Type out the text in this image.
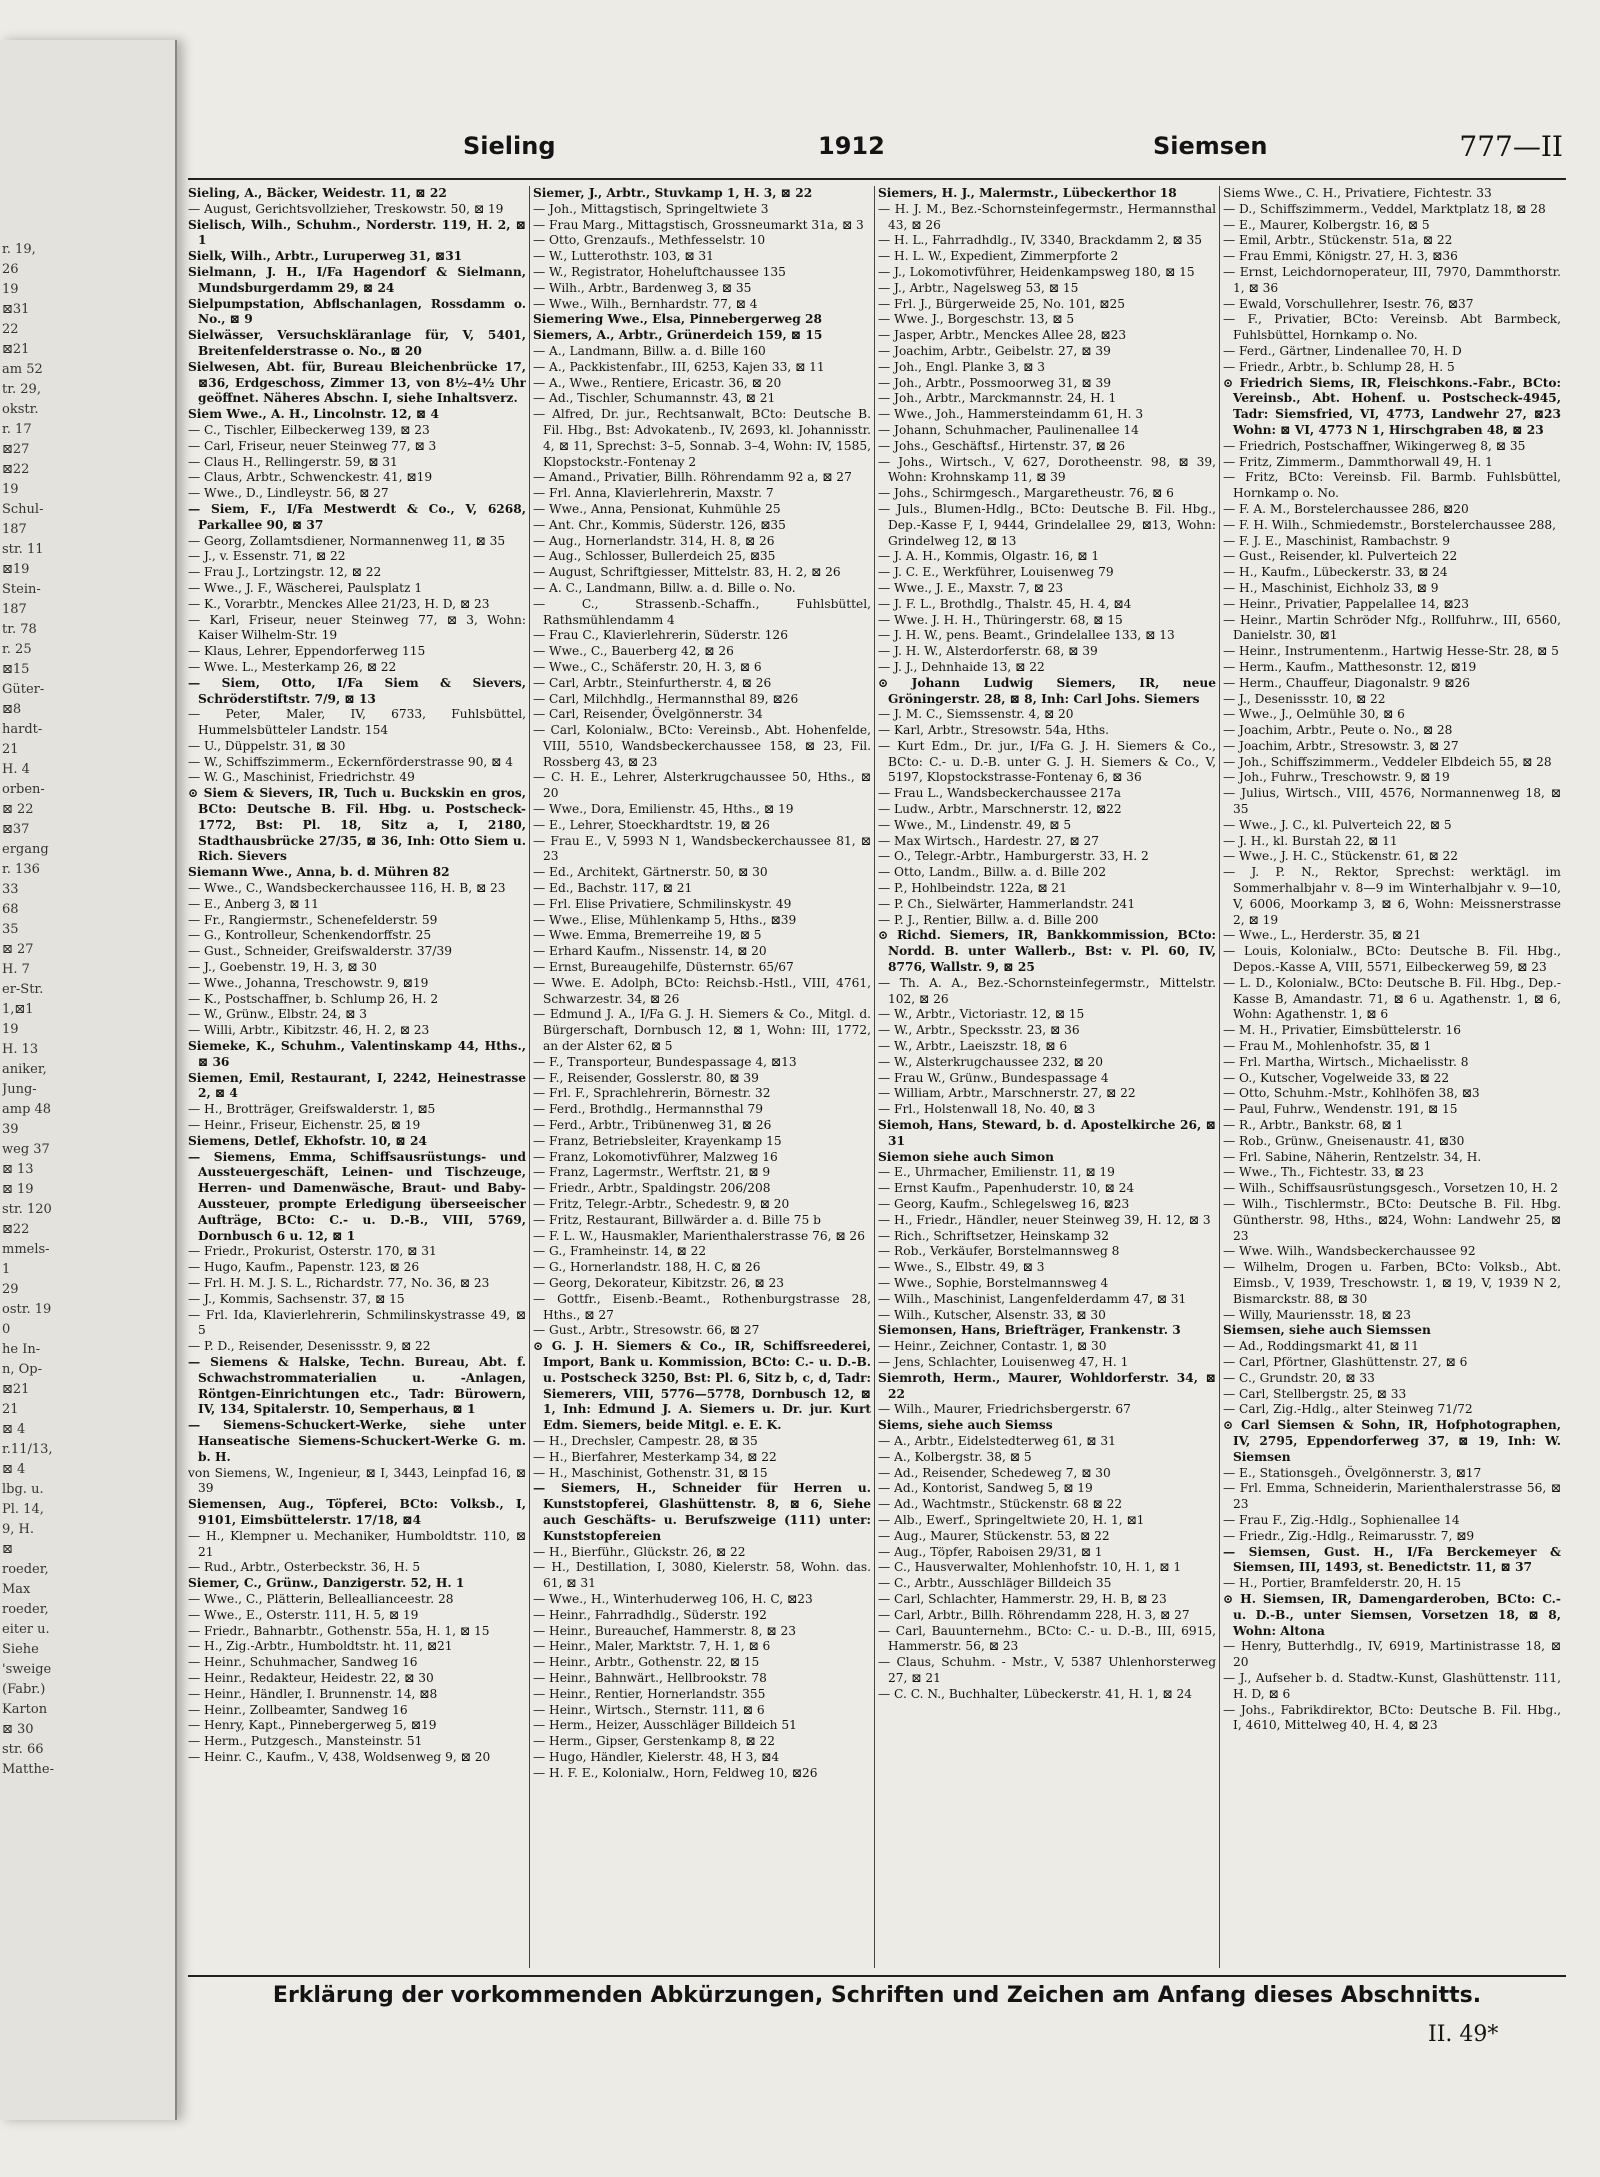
r. 19,
26
19
⊠31
22
⊠21
am 52
tr. 29,
okstr.
r. 17
⊠27
⊠22
19
Schul-
187
str. 11
⊠19
Stein-
187
tr. 78
r. 25
⊠15
Güter-
⊠8
hardt-
21
H. 4
orben-
⊠ 22
⊠37
ergang
r. 136
33
68
35
⊠ 27
H. 7
er-Str.
1,⊠1
19
H. 13
aniker,
Jung-
amp 48
39
weg 37
⊠ 13
⊠ 19
str. 120
⊠22
mmels-
1
29
ostr. 19
0
he In-
n, Op-
⊠21
21
⊠ 4
r.11/13,
⊠ 4
lbg. u.
Pl. 14,
9, H.
⊠
roeder,
Max
roeder,
eiter u.
Siehe
'sweige
(Fabr.)
Karton
⊠ 30
str. 66
Matthe-
Sieling	1912	Siemsen	777—II

Sieling, A., Bäcker, Weidestr. 11, ⊠ 22

— August, Gerichtsvollzieher, Treskowstr. 50, ⊠ 19

Sielisch, Wilh., Schuhm., Norderstr. 119, H. 2, ⊠ 1

Sielk, Wilh., Arbtr., Luruperweg 31, ⊠31

Sielmann, J. H., I/Fa Hagendorf & Sielmann, Mundsburgerdamm 29, ⊠ 24

Sielpumpstation, Abflschanlagen, Rossdamm o. No., ⊠ 9

Sielwässer, Versuchskläranlage für, V, 5401, Breitenfelderstrasse o. No., ⊠ 20

Sielwesen, Abt. für, Bureau Bleichenbrücke 17, ⊠36, Erdgeschoss, Zimmer 13, von 8½–4½ Uhr geöffnet. Näheres Abschn. I, siehe Inhaltsverz.

Siem Wwe., A. H., Lincolnstr. 12, ⊠ 4

— C., Tischler, Eilbeckerweg 139, ⊠ 23

— Carl, Friseur, neuer Steinweg 77, ⊠ 3

— Claus H., Rellingerstr. 59, ⊠ 31

— Claus, Arbtr., Schwenckestr. 41, ⊠19

— Wwe., D., Lindleystr. 56, ⊠ 27

— Siem, F., I/Fa Mestwerdt & Co., V, 6268, Parkallee 90, ⊠ 37

— Georg, Zollamtsdiener, Normannenweg 11, ⊠ 35

— J., v. Essenstr. 71, ⊠ 22

— Frau J., Lortzingstr. 12, ⊠ 22

— Wwe., J. F., Wäscherei, Paulsplatz 1

— K., Vorarbtr., Menckes Allee 21/23, H. D, ⊠ 23

— Karl, Friseur, neuer Steinweg 77, ⊠ 3, Wohn: Kaiser Wilhelm-Str. 19

— Klaus, Lehrer, Eppendorferweg 115

— Wwe. L., Mesterkamp 26, ⊠ 22

— Siem, Otto, I/Fa Siem & Sievers, Schröderstiftstr. 7/9, ⊠ 13

— Peter, Maler, IV, 6733, Fuhlsbüttel, Hummelsbütteler Landstr. 154

— U., Düppelstr. 31, ⊠ 30

— W., Schiffszimmerm., Eckernförderstrasse 90, ⊠ 4

— W. G., Maschinist, Friedrichstr. 49

⊙ Siem & Sievers, IR, Tuch u. Buckskin en gros, BCto: Deutsche B. Fil. Hbg. u. Postscheck- 1772, Bst: Pl. 18, Sitz a, I, 2180, Stadthausbrücke 27/35, ⊠ 36, Inh: Otto Siem u. Rich. Sievers

Siemann Wwe., Anna, b. d. Mühren 82

— Wwe., C., Wandsbeckerchaussee 116, H. B, ⊠ 23

— E., Anberg 3, ⊠ 11

— Fr., Rangiermstr., Schenefelderstr. 59

— G., Kontrolleur, Schenkendorffstr. 25

— Gust., Schneider, Greifswalderstr. 37/39

— J., Goebenstr. 19, H. 3, ⊠ 30

— Wwe., Johanna, Treschowstr. 9, ⊠19

— K., Postschaffner, b. Schlump 26, H. 2

— W., Grünw., Elbstr. 24, ⊠ 3

— Willi, Arbtr., Kibitzstr. 46, H. 2, ⊠ 23

Siemeke, K., Schuhm., Valentinskamp 44, Hths., ⊠ 36

Siemen, Emil, Restaurant, I, 2242, Heinestrasse 2, ⊠ 4

— H., Brotträger, Greifswalderstr. 1, ⊠5

— Heinr., Friseur, Eichenstr. 25, ⊠ 19

Siemens, Detlef, Ekhofstr. 10, ⊠ 24

— Siemens, Emma, Schiffsausrüstungs- und Aussteuergeschäft, Leinen- und Tischzeuge, Herren- und Damenwäsche, Braut- und Baby-Aussteuer, prompte Erledigung überseeischer Aufträge, BCto: C.- u. D.-B., VIII, 5769, Dornbusch 6 u. 12, ⊠ 1

— Friedr., Prokurist, Osterstr. 170, ⊠ 31

— Hugo, Kaufm., Papenstr. 123, ⊠ 26

— Frl. H. M. J. S. L., Richardstr. 77, No. 36, ⊠ 23

— J., Kommis, Sachsenstr. 37, ⊠ 15

— Frl. Ida, Klavierlehrerin, Schmilinskystrasse 49, ⊠ 5

— P. D., Reisender, Desenissstr. 9, ⊠ 22

— Siemens & Halske, Techn. Bureau, Abt. f. Schwachstrommaterialien u. -Anlagen, Röntgen-Einrichtungen etc., Tadr: Bürowern, IV, 134, Spitalerstr. 10, Semperhaus, ⊠ 1

— Siemens-Schuckert-Werke, siehe unter Hanseatische Siemens-Schuckert-Werke G. m. b. H.

von Siemens, W., Ingenieur, ⊠ I, 3443, Leinpfad 16, ⊠ 39

Siemensen, Aug., Töpferei, BCto: Volksb., I, 9101, Eimsbüttelerstr. 17/18, ⊠4

— H., Klempner u. Mechaniker, Humboldtstr. 110, ⊠ 21

— Rud., Arbtr., Osterbeckstr. 36, H. 5

Siemer, C., Grünw., Danzigerstr. 52, H. 1

— Wwe., C., Plätterin, Belleallianceestr. 28

— Wwe., E., Osterstr. 111, H. 5, ⊠ 19

— Friedr., Bahnarbtr., Gothenstr. 55a, H. 1, ⊠ 15

— H., Zig.-Arbtr., Humboldtstr. ht. 11, ⊠21

— Heinr., Schuhmacher, Sandweg 16

— Heinr., Redakteur, Heidestr. 22, ⊠ 30

— Heinr., Händler, I. Brunnenstr. 14, ⊠8

— Heinr., Zollbeamter, Sandweg 16

— Henry, Kapt., Pinnebergerweg 5, ⊠19

— Herm., Putzgesch., Mansteinstr. 51

— Heinr. C., Kaufm., V, 438, Woldsenweg 9, ⊠ 20

Siemer, J., Arbtr., Stuvkamp 1, H. 3, ⊠ 22

— Joh., Mittagstisch, Springeltwiete 3

— Frau Marg., Mittagstisch, Grossneumarkt 31a, ⊠ 3

— Otto, Grenzaufs., Methfesselstr. 10

— W., Lutterothstr. 103, ⊠ 31

— W., Registrator, Hoheluftchaussee 135

— Wilh., Arbtr., Bardenweg 3, ⊠ 35

— Wwe., Wilh., Bernhardstr. 77, ⊠ 4

Siemering Wwe., Elsa, Pinnebergerweg 28

Siemers, A., Arbtr., Grünerdeich 159, ⊠ 15

— A., Landmann, Billw. a. d. Bille 160

— A., Packkistenfabr., III, 6253, Kajen 33, ⊠ 11

— A., Wwe., Rentiere, Ericastr. 36, ⊠ 20

— Ad., Tischler, Schumannstr. 43, ⊠ 21

— Alfred, Dr. jur., Rechtsanwalt, BCto: Deutsche B. Fil. Hbg., Bst: Advokatenb., IV, 2693, kl. Johannisstr. 4, ⊠ 11, Sprechst: 3–5, Sonnab. 3–4, Wohn: IV, 1585, Klopstockstr.-Fontenay 2

— Amand., Privatier, Billh. Röhrendamm 92 a, ⊠ 27

— Frl. Anna, Klavierlehrerin, Maxstr. 7

— Wwe., Anna, Pensionat, Kuhmühle 25

— Ant. Chr., Kommis, Süderstr. 126, ⊠35

— Aug., Hornerlandstr. 314, H. 8, ⊠ 26

— Aug., Schlosser, Bullerdeich 25, ⊠35

— August, Schriftgiesser, Mittelstr. 83, H. 2, ⊠ 26

— A. C., Landmann, Billw. a. d. Bille o. No.

— C., Strassenb.-Schaffn., Fuhlsbüttel, Rathsmühlendamm 4

— Frau C., Klavierlehrerin, Süderstr. 126

— Wwe., C., Bauerberg 42, ⊠ 26

— Wwe., C., Schäferstr. 20, H. 3, ⊠ 6

— Carl, Arbtr., Steinfurtherstr. 4, ⊠ 26

— Carl, Milchhdlg., Hermannsthal 89, ⊠26

— Carl, Reisender, Övelgönnerstr. 34

— Carl, Kolonialw., BCto: Vereinsb., Abt. Hohenfelde, VIII, 5510, Wandsbeckerchaussee 158, ⊠ 23, Fil. Rossberg 43, ⊠ 23

— C. H. E., Lehrer, Alsterkrugchaussee 50, Hths., ⊠ 20

— Wwe., Dora, Emilienstr. 45, Hths., ⊠ 19

— E., Lehrer, Stoeckhardtstr. 19, ⊠ 26

— Frau E., V, 5993 N 1, Wandsbeckerchaussee 81, ⊠ 23

— Ed., Architekt, Gärtnerstr. 50, ⊠ 30

— Ed., Bachstr. 117, ⊠ 21

— Frl. Elise Privatiere, Schmilinskystr. 49

— Wwe., Elise, Mühlenkamp 5, Hths., ⊠39

— Wwe. Emma, Bremerreihe 19, ⊠ 5

— Erhard Kaufm., Nissenstr. 14, ⊠ 20

— Ernst, Bureaugehilfe, Düsternstr. 65/67

— Wwe. E. Adolph, BCto: Reichsb.-Hstl., VIII, 4761, Schwarzestr. 34, ⊠ 26

— Edmund J. A., I/Fa G. J. H. Siemers & Co., Mitgl. d. Bürgerschaft, Dornbusch 12, ⊠ 1, Wohn: III, 1772, an der Alster 62, ⊠ 5

— F., Transporteur, Bundespassage 4, ⊠13

— F., Reisender, Gosslerstr. 80, ⊠ 39

— Frl. F., Sprachlehrerin, Börnestr. 32

— Ferd., Brothdlg., Hermannsthal 79

— Ferd., Arbtr., Tribünenweg 31, ⊠ 26

— Franz, Betriebsleiter, Krayenkamp 15

— Franz, Lokomotivführer, Malzweg 16

— Franz, Lagermstr., Werftstr. 21, ⊠ 9

— Friedr., Arbtr., Spaldingstr. 206/208

— Fritz, Telegr.-Arbtr., Schedestr. 9, ⊠ 20

— Fritz, Restaurant, Billwärder a. d. Bille 75 b

— F. L. W., Hausmakler, Marienthalerstrasse 76, ⊠ 26

— G., Framheinstr. 14, ⊠ 22

— G., Hornerlandstr. 188, H. C, ⊠ 26

— Georg, Dekorateur, Kibitzstr. 26, ⊠ 23

— Gottfr., Eisenb.-Beamt., Rothenburgstrasse 28, Hths., ⊠ 27

— Gust., Arbtr., Stresowstr. 66, ⊠ 27

⊙ G. J. H. Siemers & Co., IR, Schiffsreederei, Import, Bank u. Kommission, BCto: C.- u. D.-B. u. Postscheck 3250, Bst: Pl. 6, Sitz b, c, d, Tadr: Siemerers, VIII, 5776—5778, Dornbusch 12, ⊠ 1, Inh: Edmund J. A. Siemers u. Dr. jur. Kurt Edm. Siemers, beide Mitgl. e. E. K.

— H., Drechsler, Campestr. 28, ⊠ 35

— H., Bierfahrer, Mesterkamp 34, ⊠ 22

— H., Maschinist, Gothenstr. 31, ⊠ 15

— Siemers, H., Schneider für Herren u. Kunststopferei, Glashüttenstr. 8, ⊠ 6, Siehe auch Geschäfts- u. Berufszweige (111) unter: Kunststopfereien

— H., Bierführ., Glückstr. 26, ⊠ 22

— H., Destillation, I, 3080, Kielerstr. 58, Wohn. das. 61, ⊠ 31

— Wwe., H., Winterhuderweg 106, H. C, ⊠23

— Heinr., Fahrradhdlg., Süderstr. 192

— Heinr., Bureauchef, Hammerstr. 8, ⊠ 23

— Heinr., Maler, Marktstr. 7, H. 1, ⊠ 6

— Heinr., Arbtr., Gothenstr. 22, ⊠ 15

— Heinr., Bahnwärt., Hellbrookstr. 78

— Heinr., Rentier, Hornerlandstr. 355

— Heinr., Wirtsch., Sternstr. 111, ⊠ 6

— Herm., Heizer, Ausschläger Billdeich 51

— Herm., Gipser, Gerstenkamp 8, ⊠ 22

— Hugo, Händler, Kielerstr. 48, H 3, ⊠4

— H. F. E., Kolonialw., Horn, Feldweg 10, ⊠26

Siemers, H. J., Malermstr., Lübeckerthor 18

— H. J. M., Bez.-Schornsteinfegermstr., Hermannsthal 43, ⊠ 26

— H. L., Fahrradhdlg., IV, 3340, Brackdamm 2, ⊠ 35

— H. L. W., Expedient, Zimmerpforte 2

— J., Lokomotivführer, Heidenkampsweg 180, ⊠ 15

— J., Arbtr., Nagelsweg 53, ⊠ 15

— Frl. J., Bürgerweide 25, No. 101, ⊠25

— Wwe. J., Borgeschstr. 13, ⊠ 5

— Jasper, Arbtr., Menckes Allee 28, ⊠23

— Joachim, Arbtr., Geibelstr. 27, ⊠ 39

— Joh., Engl. Planke 3, ⊠ 3

— Joh., Arbtr., Possmoorweg 31, ⊠ 39

— Joh., Arbtr., Marckmannstr. 24, H. 1

— Wwe., Joh., Hammersteindamm 61, H. 3

— Johann, Schuhmacher, Paulinenallee 14

— Johs., Geschäftsf., Hirtenstr. 37, ⊠ 26

— Johs., Wirtsch., V, 627, Dorotheenstr. 98, ⊠ 39, Wohn: Krohnskamp 11, ⊠ 39

— Johs., Schirmgesch., Margaretheustr. 76, ⊠ 6

— Juls., Blumen-Hdlg., BCto: Deutsche B. Fil. Hbg., Dep.-Kasse F, I, 9444, Grindelallee 29, ⊠13, Wohn: Grindelweg 12, ⊠ 13

— J. A. H., Kommis, Olgastr. 16, ⊠ 1

— J. C. E., Werkführer, Louisenweg 79

— Wwe., J. E., Maxstr. 7, ⊠ 23

— J. F. L., Brothdlg., Thalstr. 45, H. 4, ⊠4

— Wwe. J. H. H., Thüringerstr. 68, ⊠ 15

— J. H. W., pens. Beamt., Grindelallee 133, ⊠ 13

— J. H. W., Alsterdorferstr. 68, ⊠ 39

— J. J., Dehnhaide 13, ⊠ 22

⊙ Johann Ludwig Siemers, IR, neue Gröningerstr. 28, ⊠ 8, Inh: Carl Johs. Siemers

— J. M. C., Siemssenstr. 4, ⊠ 20

— Karl, Arbtr., Stresowstr. 54a, Hths.

— Kurt Edm., Dr. jur., I/Fa G. J. H. Siemers & Co., BCto: C.- u. D.-B. unter G. J. H. Siemers & Co., V, 5197, Klopstockstrasse-Fontenay 6, ⊠ 36

— Frau L., Wandsbeckerchaussee 217a

— Ludw., Arbtr., Marschnerstr. 12, ⊠22

— Wwe., M., Lindenstr. 49, ⊠ 5

— Max Wirtsch., Hardestr. 27, ⊠ 27

— O., Telegr.-Arbtr., Hamburgerstr. 33, H. 2

— Otto, Landm., Billw. a. d. Bille 202

— P., Hohlbeindstr. 122a, ⊠ 21

— P. Ch., Sielwärter, Hammerlandstr. 241

— P. J., Rentier, Billw. a. d. Bille 200

⊙ Richd. Siemers, IR, Bankkommission, BCto: Nordd. B. unter Wallerb., Bst: v. Pl. 60, IV, 8776, Wallstr. 9, ⊠ 25

— Th. A. A., Bez.-Schornsteinfegermstr., Mittelstr. 102, ⊠ 26

— W., Arbtr., Victoriastr. 12, ⊠ 15

— W., Arbtr., Specksstr. 23, ⊠ 36

— W., Arbtr., Laeiszstr. 18, ⊠ 6

— W., Alsterkrugchaussee 232, ⊠ 20

— Frau W., Grünw., Bundespassage 4

— William, Arbtr., Marschnerstr. 27, ⊠ 22

— Frl., Holstenwall 18, No. 40, ⊠ 3

Siemoh, Hans, Steward, b. d. Apostelkirche 26, ⊠ 31

Siemon siehe auch Simon

— E., Uhrmacher, Emilienstr. 11, ⊠ 19

— Ernst Kaufm., Papenhuderstr. 10, ⊠ 24

— Georg, Kaufm., Schlegelsweg 16, ⊠23

— H., Friedr., Händler, neuer Steinweg 39, H. 12, ⊠ 3

— Rich., Schriftsetzer, Heinskamp 32

— Rob., Verkäufer, Borstelmannsweg 8

— Wwe., S., Elbstr. 49, ⊠ 3

— Wwe., Sophie, Borstelmannsweg 4

— Wilh., Maschinist, Langenfelderdamm 47, ⊠ 31

— Wilh., Kutscher, Alsenstr. 33, ⊠ 30

Siemonsen, Hans, Briefträger, Frankenstr. 3

— Heinr., Zeichner, Contastr. 1, ⊠ 30

— Jens, Schlachter, Louisenweg 47, H. 1

Siemroth, Herm., Maurer, Wohldorferstr. 34, ⊠ 22

— Wilh., Maurer, Friedrichsbergerstr. 67

Siems, siehe auch Siemss

— A., Arbtr., Eidelstedterweg 61, ⊠ 31

— A., Kolbergstr. 38, ⊠ 5

— Ad., Reisender, Schedeweg 7, ⊠ 30

— Ad., Kontorist, Sandweg 5, ⊠ 19

— Ad., Wachtmstr., Stückenstr. 68 ⊠ 22

— Alb., Ewerf., Springeltwiete 20, H. 1, ⊠1

— Aug., Maurer, Stückenstr. 53, ⊠ 22

— Aug., Töpfer, Raboisen 29/31, ⊠ 1

— C., Hausverwalter, Mohlenhofstr. 10, H. 1, ⊠ 1

— C., Arbtr., Ausschläger Billdeich 35

— Carl, Schlachter, Hammerstr. 29, H. B, ⊠ 23

— Carl, Arbtr., Billh. Röhrendamm 228, H. 3, ⊠ 27

— Carl, Bauunternehm., BCto: C.- u. D.-B., III, 6915, Hammerstr. 56, ⊠ 23

— Claus, Schuhm. - Mstr., V, 5387 Uhlenhorsterweg 27, ⊠ 21

— C. C. N., Buchhalter, Lübeckerstr. 41, H. 1, ⊠ 24

Siems Wwe., C. H., Privatiere, Fichtestr. 33

— D., Schiffszimmerm., Veddel, Marktplatz 18, ⊠ 28

— E., Maurer, Kolbergstr. 16, ⊠ 5

— Emil, Arbtr., Stückenstr. 51a, ⊠ 22

— Frau Emmi, Königstr. 27, H. 3, ⊠36

— Ernst, Leichdornoperateur, III, 7970, Dammthorstr. 1, ⊠ 36

— Ewald, Vorschullehrer, Isestr. 76, ⊠37

— F., Privatier, BCto: Vereinsb. Abt Barmbeck, Fuhlsbüttel, Hornkamp o. No.

— Ferd., Gärtner, Lindenallee 70, H. D

— Friedr., Arbtr., b. Schlump 28, H. 5

⊙ Friedrich Siems, IR, Fleischkons.-Fabr., BCto: Vereinsb., Abt. Hohenf. u. Postscheck-4945, Tadr: Siemsfried, VI, 4773, Landwehr 27, ⊠23 Wohn: ⊠ VI, 4773 N 1, Hirschgraben 48, ⊠ 23

— Friedrich, Postschaffner, Wikingerweg 8, ⊠ 35

— Fritz, Zimmerm., Dammthorwall 49, H. 1

— Fritz, BCto: Vereinsb. Fil. Barmb. Fuhlsbüttel, Hornkamp o. No.

— F. A. M., Borstelerchaussee 286, ⊠20

— F. H. Wilh., Schmiedemstr., Borstelerchaussee 288,

— F. J. E., Maschinist, Rambachstr. 9

— Gust., Reisender, kl. Pulverteich 22

— H., Kaufm., Lübeckerstr. 33, ⊠ 24

— H., Maschinist, Eichholz 33, ⊠ 9

— Heinr., Privatier, Pappelallee 14, ⊠23

— Heinr., Martin Schröder Nfg., Rollfuhrw., III, 6560, Danielstr. 30, ⊠1

— Heinr., Instrumentenm., Hartwig Hesse-Str. 28, ⊠ 5

— Herm., Kaufm., Matthesonstr. 12, ⊠19

— Herm., Chauffeur, Diagonalstr. 9 ⊠26

— J., Desenissstr. 10, ⊠ 22

— Wwe., J., Oelmühle 30, ⊠ 6

— Joachim, Arbtr., Peute o. No., ⊠ 28

— Joachim, Arbtr., Stresowstr. 3, ⊠ 27

— Joh., Schiffszimmerm., Veddeler Elbdeich 55, ⊠ 28

— Joh., Fuhrw., Treschowstr. 9, ⊠ 19

— Julius, Wirtsch., VIII, 4576, Normannenweg 18, ⊠ 35

— Wwe., J. C., kl. Pulverteich 22, ⊠ 5

— J. H., kl. Burstah 22, ⊠ 11

— Wwe., J. H. C., Stückenstr. 61, ⊠ 22

— J. P. N., Rektor, Sprechst: werktägl. im Sommerhalbjahr v. 8—9 im Winterhalbjahr v. 9—10, V, 6006, Moorkamp 3, ⊠ 6, Wohn: Meissnerstrasse 2, ⊠ 19

— Wwe., L., Herderstr. 35, ⊠ 21

— Louis, Kolonialw., BCto: Deutsche B. Fil. Hbg., Depos.-Kasse A, VIII, 5571, Eilbeckerweg 59, ⊠ 23

— L. D., Kolonialw., BCto: Deutsche B. Fil. Hbg., Dep.-Kasse B, Amandastr. 71, ⊠ 6 u. Agathenstr. 1, ⊠ 6, Wohn: Agathenstr. 1, ⊠ 6

— M. H., Privatier, Eimsbüttelerstr. 16

— Frau M., Mohlenhofstr. 35, ⊠ 1

— Frl. Martha, Wirtsch., Michaelisstr. 8

— O., Kutscher, Vogelweide 33, ⊠ 22

— Otto, Schuhm.-Mstr., Kohlhöfen 38, ⊠3

— Paul, Fuhrw., Wendenstr. 191, ⊠ 15

— R., Arbtr., Bankstr. 68, ⊠ 1

— Rob., Grünw., Gneisenaustr. 41, ⊠30

— Frl. Sabine, Näherin, Rentzelstr. 34, H.

— Wwe., Th., Fichtestr. 33, ⊠ 23

— Wilh., Schiffsausrüstungsgesch., Vorsetzen 10, H. 2

— Wilh., Tischlermstr., BCto: Deutsche B. Fil. Hbg. Güntherstr. 98, Hths., ⊠24, Wohn: Landwehr 25, ⊠ 23

— Wwe. Wilh., Wandsbeckerchaussee 92

— Wilhelm, Drogen u. Farben, BCto: Volksb., Abt. Eimsb., V, 1939, Treschowstr. 1, ⊠ 19, V, 1939 N 2, Bismarckstr. 88, ⊠ 30

— Willy, Mauriensstr. 18, ⊠ 23

Siemsen, siehe auch Siemssen

— Ad., Roddingsmarkt 41, ⊠ 11

— Carl, Pförtner, Glashüttenstr. 27, ⊠ 6

— C., Grundstr. 20, ⊠ 33

— Carl, Stellbergstr. 25, ⊠ 33

— Carl, Zig.-Hdlg., alter Steinweg 71/72

⊙ Carl Siemsen & Sohn, IR, Hofphotographen, IV, 2795, Eppendorferweg 37, ⊠ 19, Inh: W. Siemsen

— E., Stationsgeh., Övelgönnerstr. 3, ⊠17

— Frl. Emma, Schneiderin, Marienthalerstrasse 56, ⊠ 23

— Frau F., Zig.-Hdlg., Sophienallee 14

— Friedr., Zig.-Hdlg., Reimarusstr. 7, ⊠9

— Siemsen, Gust. H., I/Fa Berckemeyer & Siemsen, III, 1493, st. Benedictstr. 11, ⊠ 37

— H., Portier, Bramfelderstr. 20, H. 15

⊙ H. Siemsen, IR, Damengarderoben, BCto: C.- u. D.-B., unter Siemsen, Vorsetzen 18, ⊠ 8, Wohn: Altona

— Henry, Butterhdlg., IV, 6919, Martinistrasse 18, ⊠ 20

— J., Aufseher b. d. Stadtw.-Kunst, Glashüttenstr. 111, H. D, ⊠ 6

— Johs., Fabrikdirektor, BCto: Deutsche B. Fil. Hbg., I, 4610, Mittelweg 40, H. 4, ⊠ 23

Erklärung der vorkommenden Abkürzungen, Schriften und Zeichen am Anfang dieses Abschnitts.
II. 49*
